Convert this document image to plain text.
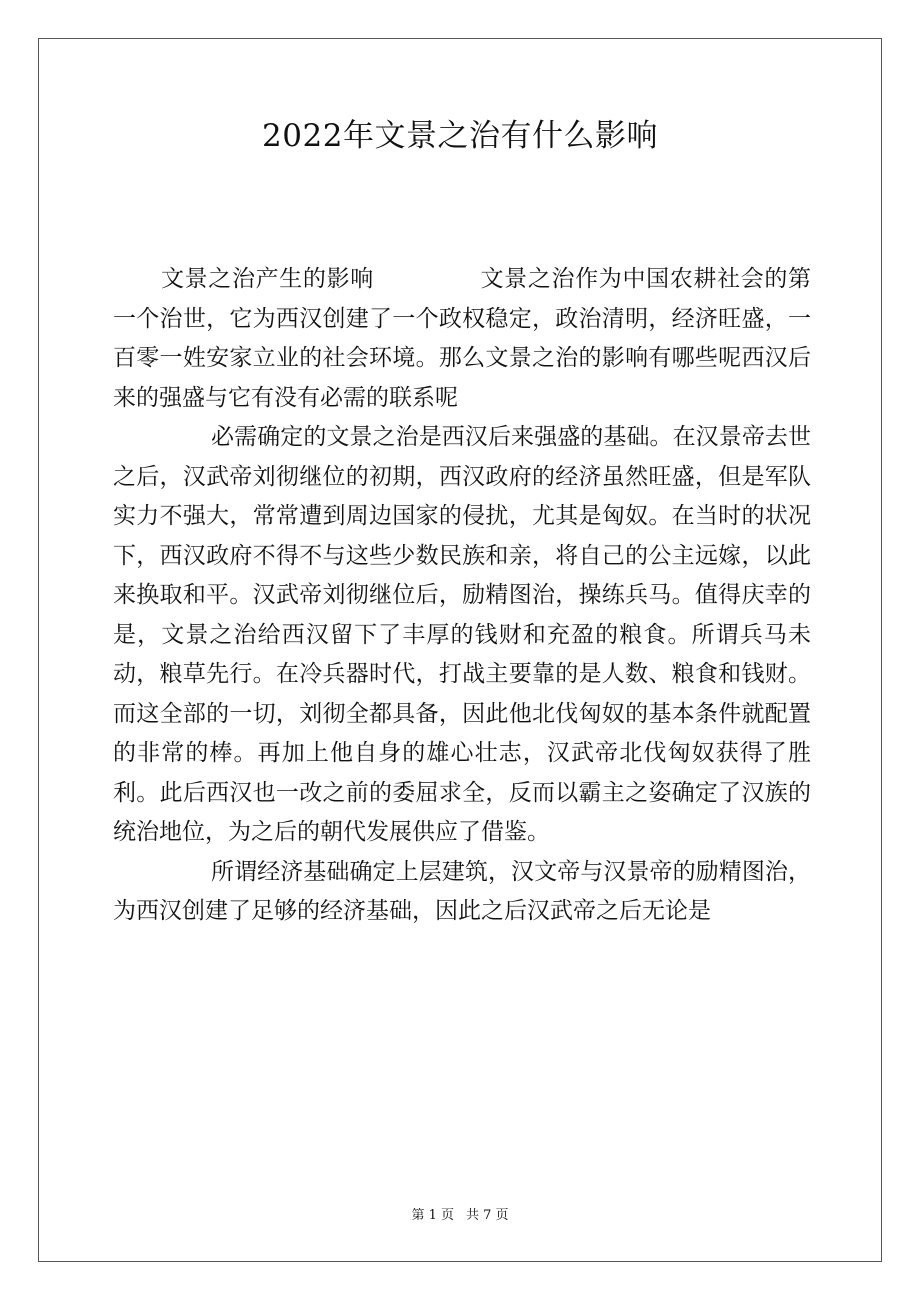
2022年文景之治有什么影响

文景之治产生的影响	文景之治作为中国农耕社会的第一个治世，它为西汉创建了一个政权稳定，政治清明，经济旺盛，一百零一姓安家立业的社会环境。那么文景之治的影响有哪些呢西汉后来的强盛与它有没有必需的联系呢

必需确定的文景之治是西汉后来强盛的基础。在汉景帝去世之后，汉武帝刘彻继位的初期，西汉政府的经济虽然旺盛，但是军队实力不强大，常常遭到周边国家的侵扰，尤其是匈奴。在当时的状况下，西汉政府不得不与这些少数民族和亲，将自己的公主远嫁，以此来换取和平。汉武帝刘彻继位后，励精图治，操练兵马。值得庆幸的是，文景之治给西汉留下了丰厚的钱财和充盈的粮食。所谓兵马未动，粮草先行。在冷兵器时代，打战主要靠的是人数、粮食和钱财。而这全部的一切，刘彻全都具备，因此他北伐匈奴的基本条件就配置的非常的棒。再加上他自身的雄心壮志，汉武帝北伐匈奴获得了胜利。此后西汉也一改之前的委屈求全，反而以霸主之姿确定了汉族的统治地位，为之后的朝代发展供应了借鉴。

所谓经济基础确定上层建筑，汉文帝与汉景帝的励精图治，为西汉创建了足够的经济基础，因此之后汉武帝之后无论是

第 1 页 共 7 页
